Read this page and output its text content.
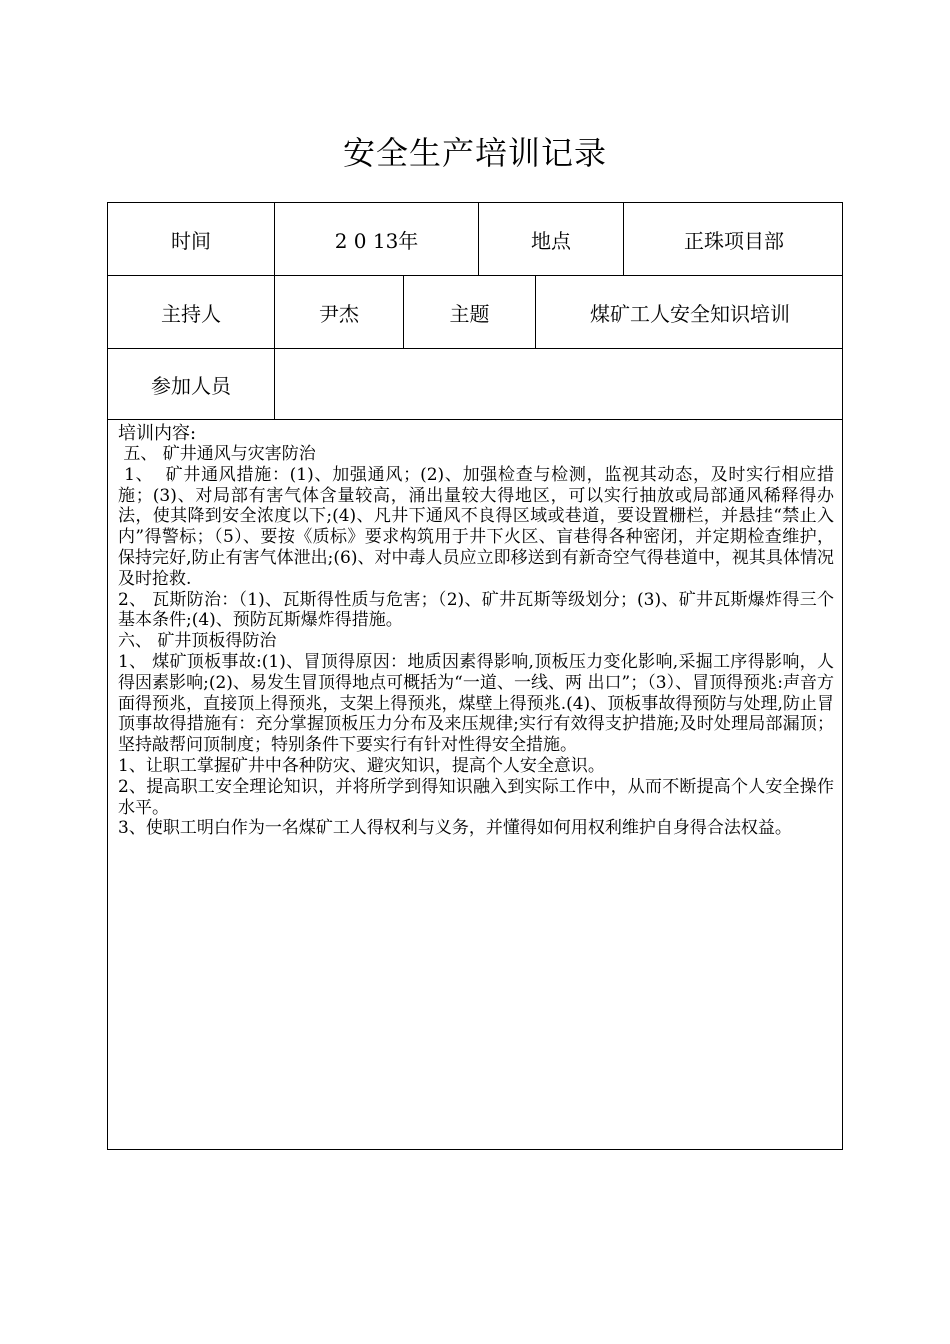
安全生产培训记录
时间	2 0 13年	地点	正珠项目部
主持人	尹杰	主题	煤矿工人安全知识培训
参加人员

培训内容:

五、 矿井通风与灾害防治

1、  矿井通风措施：(1)、加强通风；(2)、加强检查与检测，监视其动态，及时实行相应措施；(3)、对局部有害气体含量较高，涌出量较大得地区，可以实行抽放或局部通风稀释得办法，使其降到安全浓度以下;(4)、凡井下通风不良得区域或巷道，要设置栅栏，并悬挂“禁止入内”得警标；（5）、要按《质标》要求构筑用于井下火区、盲巷得各种密闭，并定期检查维护，保持完好,防止有害气体泄出;(6)、对中毒人员应立即移送到有新奇空气得巷道中，视其具体情况及时抢救.

2、 瓦斯防治：（1)、瓦斯得性质与危害；（2)、矿井瓦斯等级划分；(3)、矿井瓦斯爆炸得三个基本条件;(4)、预防瓦斯爆炸得措施。

六、 矿井顶板得防治

1、 煤矿顶板事故:(1)、冒顶得原因：地质因素得影响,顶板压力变化影响,采掘工序得影响，人得因素影响;(2)、易发生冒顶得地点可概括为“一道、一线、两 出口”；（3）、冒顶得预兆:声音方面得预兆，直接顶上得预兆，支架上得预兆，煤壁上得预兆.(4)、顶板事故得预防与处理,防止冒顶事故得措施有：充分掌握顶板压力分布及来压规律;实行有效得支护措施;及时处理局部漏顶；坚持敲帮问顶制度；特别条件下要实行有针对性得安全措施。

1、让职工掌握矿井中各种防灾、避灾知识，提高个人安全意识。

2、提高职工安全理论知识，并将所学到得知识融入到实际工作中，从而不断提高个人安全操作水平。

3、使职工明白作为一名煤矿工人得权利与义务，并懂得如何用权利维护自身得合法权益。
